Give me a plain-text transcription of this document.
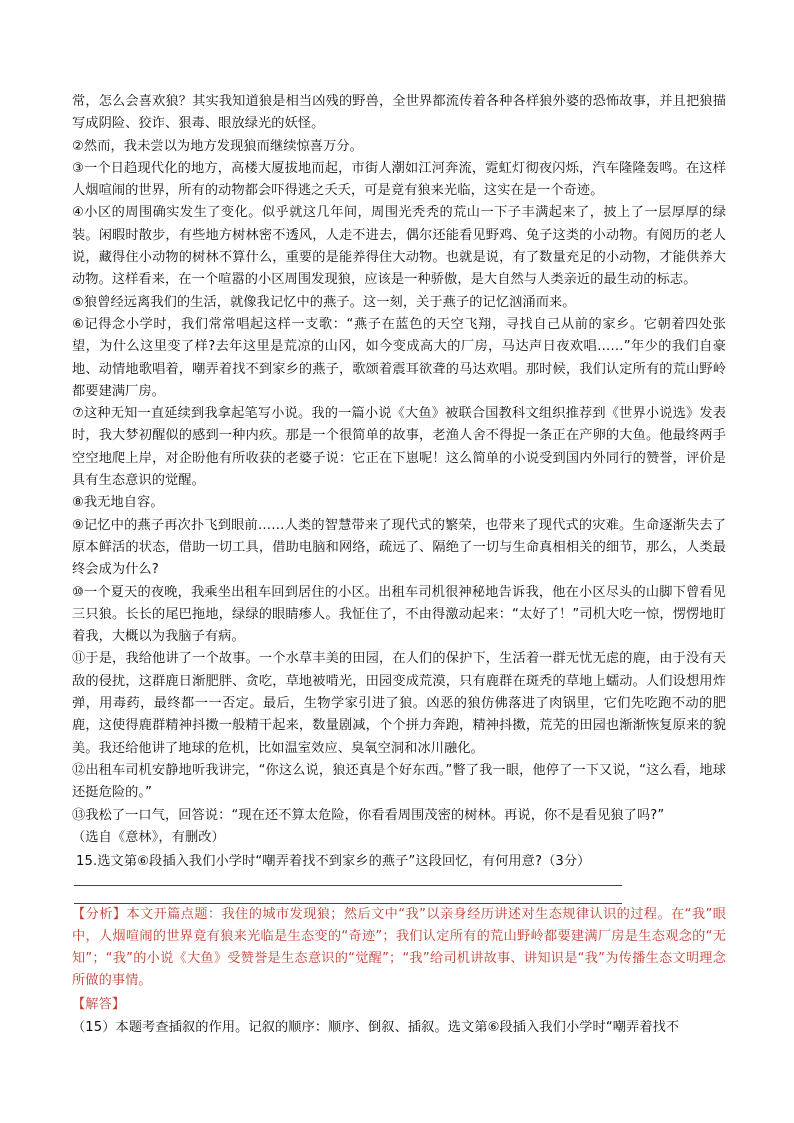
常，怎么会喜欢狼？其实我知道狼是相当凶残的野兽，全世界都流传着各种各样狼外婆的恐怖故事，并且把狼描写成阴险、狡诈、狠毒、眼放绿光的妖怪。

②然而，我未尝以为地方发现狼而继续惊喜万分。

③一个日趋现代化的地方，高楼大厦拔地而起，市街人潮如江河奔流，霓虹灯彻夜闪烁，汽车隆隆轰鸣。在这样人烟喧闹的世界，所有的动物都会吓得逃之夭夭，可是竟有狼来光临，这实在是一个奇迹。

④小区的周围确实发生了变化。似乎就这几年间，周围光秃秃的荒山一下子丰满起来了，披上了一层厚厚的绿装。闲暇时散步，有些地方树林密不透风，人走不进去，偶尔还能看见野鸡、兔子这类的小动物。有阅历的老人说，藏得住小动物的树林不算什么，重要的是能养得住大动物。也就是说，有了数量充足的小动物，才能供养大动物。这样看来，在一个喧嚣的小区周围发现狼，应该是一种骄傲，是大自然与人类亲近的最生动的标志。

⑤狼曾经远离我们的生活，就像我记忆中的燕子。这一刻，关于燕子的记忆汹涌而来。

⑥记得念小学时，我们常常唱起这样一支歌：“燕子在蓝色的天空飞翔，寻找自己从前的家乡。它朝着四处张望，为什么这里变了样?去年这里是荒凉的山冈，如今变成高大的厂房，马达声日夜欢唱……”年少的我们自豪地、动情地歌唱着，嘲弄着找不到家乡的燕子，歌颂着震耳欲聋的马达欢唱。那时候，我们认定所有的荒山野岭都要建满厂房。

⑦这种无知一直延续到我拿起笔写小说。我的一篇小说《大鱼》被联合国教科文组织推荐到《世界小说选》发表时，我大梦初醒似的感到一种内疚。那是一个很简单的故事，老渔人舍不得捉一条正在产卵的大鱼。他最终两手空空地爬上岸，对企盼他有所收获的老婆子说：它正在下崽呢！这么简单的小说受到国内外同行的赞誉，评价是具有生态意识的觉醒。

⑧我无地自容。

⑨记忆中的燕子再次扑飞到眼前……人类的智慧带来了现代式的繁荣，也带来了现代式的灾难。生命逐渐失去了原本鲜活的状态，借助一切工具，借助电脑和网络，疏远了、隔绝了一切与生命真相相关的细节，那么，人类最终会成为什么?

⑩一个夏天的夜晚，我乘坐出租车回到居住的小区。出租车司机很神秘地告诉我，他在小区尽头的山脚下曾看见三只狼。长长的尾巴拖地，绿绿的眼睛瘆人。我怔住了，不由得激动起来：“太好了！”司机大吃一惊，愣愣地盯着我，大概以为我脑子有病。

⑪于是，我给他讲了一个故事。一个水草丰美的田园，在人们的保护下，生活着一群无忧无虑的鹿，由于没有天敌的侵扰，这群鹿日渐肥胖、贪吃，草地被啃光，田园变成荒漠，只有鹿群在斑秃的草地上蠕动。人们设想用炸弹，用毒药，最终都一一否定。最后，生物学家引进了狼。凶恶的狼仿佛落进了肉锅里，它们先吃跑不动的肥鹿，这使得鹿群精神抖擞一般精干起来，数量剧减，个个拼力奔跑，精神抖擞，荒芜的田园也渐渐恢复原来的貌美。我还给他讲了地球的危机，比如温室效应、臭氧空洞和冰川融化。

⑫出租车司机安静地听我讲完，“你这么说，狼还真是个好东西。”瞥了我一眼，他停了一下又说，“这么看，地球还挺危险的。”

⑬我松了一口气，回答说：“现在还不算太危险，你看看周围茂密的树林。再说，你不是看见狼了吗?”

（选自《意林》，有删改）

15.选文第⑥段插入我们小学时“嘲弄着找不到家乡的燕子”这段回忆，有何用意?（3分）

【分析】本文开篇点题：我住的城市发现狼；然后文中“我”以亲身经历讲述对生态规律认识的过程。在“我”眼中，人烟喧闹的世界竟有狼来光临是生态变的“奇迹”；我们认定所有的荒山野岭都要建满厂房是生态观念的“无知”；“我”的小说《大鱼》受赞誉是生态意识的“觉醒”；“我”给司机讲故事、讲知识是“我”为传播生态文明理念所做的事情。

【解答】

（15）本题考查插叙的作用。记叙的顺序：顺序、倒叙、插叙。选文第⑥段插入我们小学时“嘲弄着找不
